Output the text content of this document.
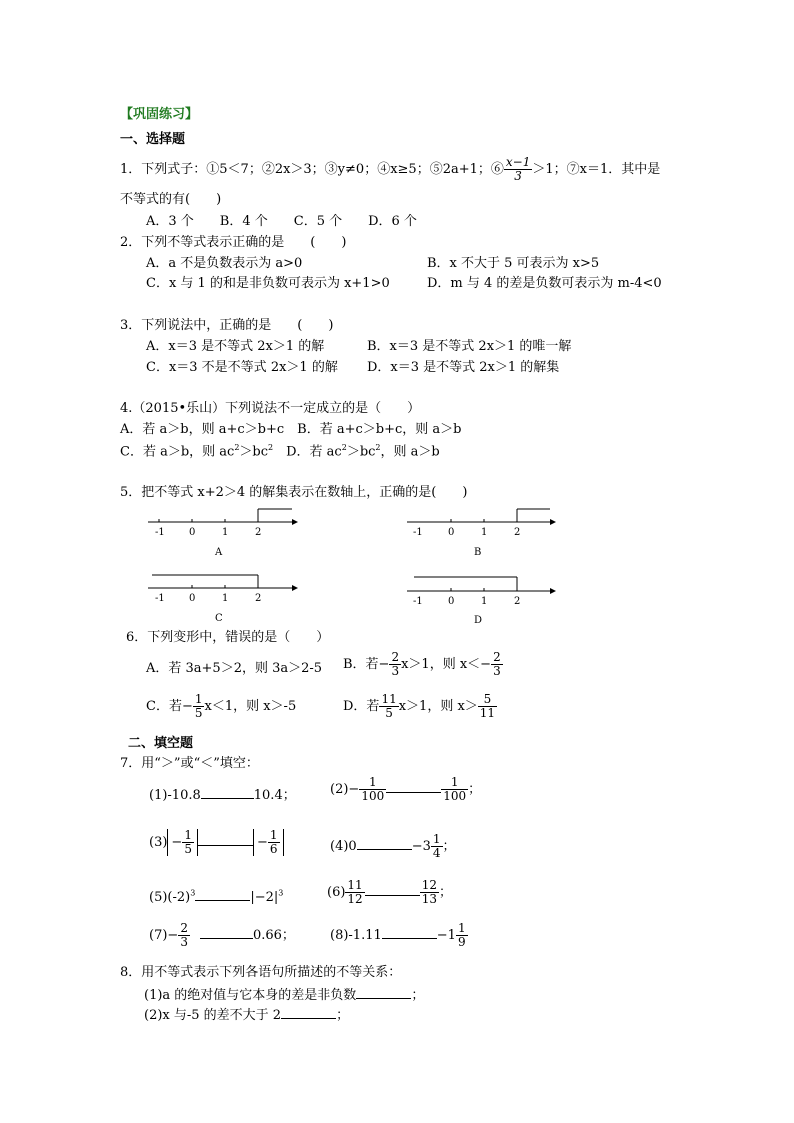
【巩固练习】
一、选择题
1．下列式子：①5＜7；②2x＞3；③y≠0；④x≥5；⑤2a+1；⑥ $\frac{x-1}{3} >1$；⑦x＝1．其中是
不等式的有(　　)
A．3 个　　B．4 个　　C．5 个　　D．6 个
2．下列不等式表示正确的是　　(　　)
A．a 不是负数表示为 a>0	B．x 不大于 5 可表示为 x>5
C．x 与 1 的和是非负数可表示为 x+1>0	D．m 与 4 的差是负数可表示为 m-4<0
3．下列说法中，正确的是　　(　　)
A．x＝3 是不等式 2x＞1 的解	B．x＝3 是不等式 2x＞1 的唯一解
C．x＝3 不是不等式 2x＞1 的解 D．x＝3 是不等式 2x＞1 的解集
4.（2015•乐山）下列说法不一定成立的是（　　）
A．若 a＞b，则 a+c＞b+c　B．若 a+c＞b+c，则 a＞b
C．若 a＞b，则 $ac^2>bc^2$　D．若 $ac^2>bc^2$，则 a＞b
5．把不等式 x+2＞4 的解集表示在数轴上，正确的是(　　)
-1 0	1	2
A
-1	0	1	2
B
-1 0	1	2
C
-1	0	1	2
D
6．下列变形中，错误的是（　　）
A．若 3a+5＞2，则 3a＞2-5 B．若− $\frac{2}{3} x>1$，则 $x<- \frac{2}{3}$
C．若− $\frac{1}{5} x<1$，则 x＞-5	D．若 $\frac{11}{5} x>1$，则 $x> \frac{5}{11}$
二、填空题
7．用“＞”或“＜”填空：
(1)-10.8	10.4；	$(2)- \frac{1}{100}$	$\frac{1}{100}$ ；
$(3) - \frac{1}{5}$	− $\frac{1}{6}$	(4)0	$-3 \frac{1}{4}$ ；
$(5)(-2)^3$	$|-2|^3$	$(6) \frac{11}{12}$	$\frac{12}{13}$ ；
$(7)- \frac{2}{3}$	0.66；	(8)-1.11	$-1 \frac{1}{9}$
8．用不等式表示下列各语句所描述的不等关系：
(1)a 的绝对值与它本身的差是非负数	；
(2)x 与-5 的差不大于 2	；
